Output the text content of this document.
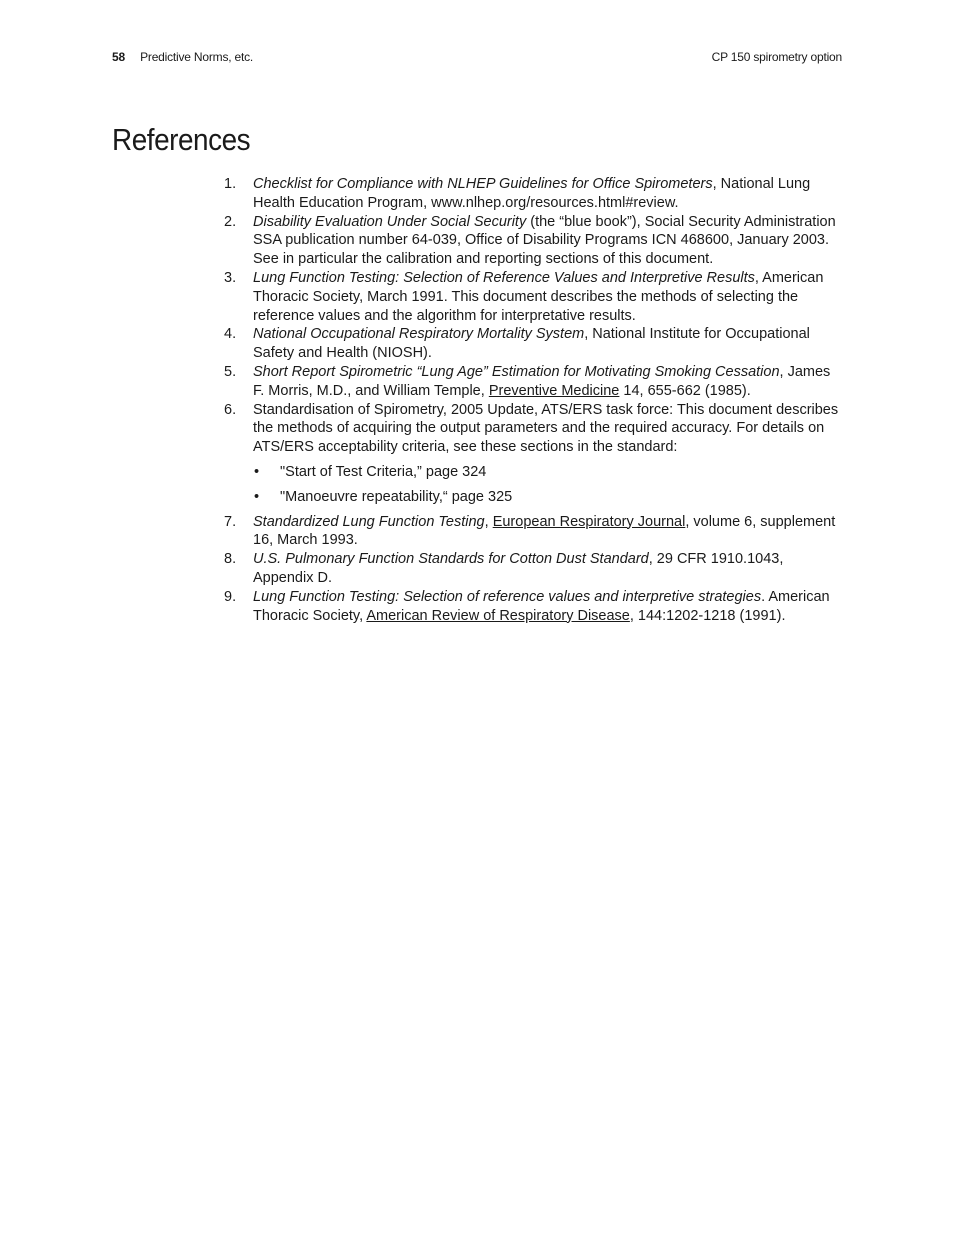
58 Predictive Norms, etc.	CP 150 spirometry option
References
1. Checklist for Compliance with NLHEP Guidelines for Office Spirometers, National Lung Health Education Program, www.nlhep.org/resources.html#review.
2. Disability Evaluation Under Social Security (the “blue book”), Social Security Administration SSA publication number 64-039, Office of Disability Programs ICN 468600, January 2003. See in particular the calibration and reporting sections of this document.
3. Lung Function Testing: Selection of Reference Values and Interpretive Results, American Thoracic Society, March 1991. This document describes the methods of selecting the reference values and the algorithm for interpretative results.
4. National Occupational Respiratory Mortality System, National Institute for Occupational Safety and Health (NIOSH).
5. Short Report Spirometric “Lung Age” Estimation for Motivating Smoking Cessation, James F. Morris, M.D., and William Temple, Preventive Medicine 14, 655-662 (1985).
6. Standardisation of Spirometry, 2005 Update, ATS/ERS task force: This document describes the methods of acquiring the output parameters and the required accuracy. For details on ATS/ERS acceptability criteria, see these sections in the standard:
• "Start of Test Criteria,” page 324
• "Manoeuvre repeatability,“ page 325
7. Standardized Lung Function Testing, European Respiratory Journal, volume 6, supplement 16, March 1993.
8. U.S. Pulmonary Function Standards for Cotton Dust Standard, 29 CFR 1910.1043, Appendix D.
9. Lung Function Testing: Selection of reference values and interpretive strategies. American Thoracic Society, American Review of Respiratory Disease, 144:1202-1218 (1991).
